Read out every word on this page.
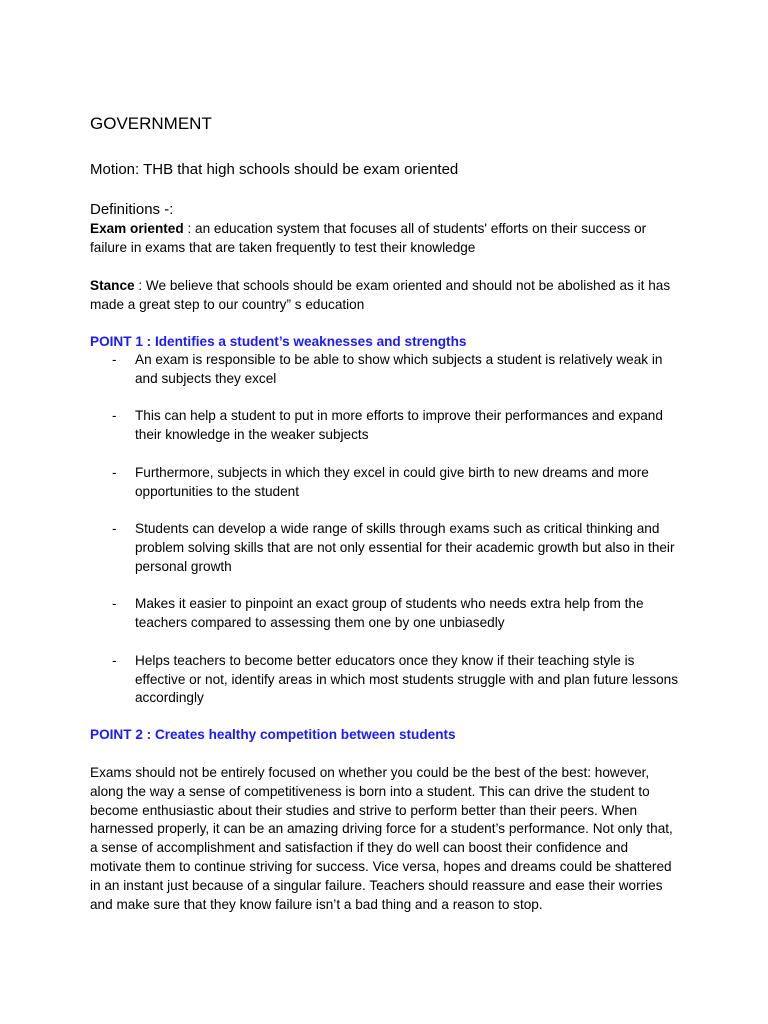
GOVERNMENT
Motion: THB that high schools should be exam oriented
Definitions -:
Exam oriented : an education system that focuses all of students' efforts on their success or failure in exams that are taken frequently to test their knowledge
Stance : We believe that schools should be exam oriented and should not be abolished as it has made a great step to our country” s education
POINT 1 : Identifies a student’s weaknesses and strengths
- An exam is responsible to be able to show which subjects a student is relatively weak in and subjects they excel
- This can help a student to put in more efforts to improve their performances and expand their knowledge in the weaker subjects
- Furthermore, subjects in which they excel in could give birth to new dreams and more opportunities to the student
- Students can develop a wide range of skills through exams such as critical thinking and problem solving skills that are not only essential for their academic growth but also in their personal growth
- Makes it easier to pinpoint an exact group of students who needs extra help from the teachers compared to assessing them one by one unbiasedly
- Helps teachers to become better educators once they know if their teaching style is effective or not, identify areas in which most students struggle with and plan future lessons accordingly
POINT 2 : Creates healthy competition between students
Exams should not be entirely focused on whether you could be the best of the best: however, along the way a sense of competitiveness is born into a student. This can drive the student to become enthusiastic about their studies and strive to perform better than their peers. When harnessed properly, it can be an amazing driving force for a student’s performance. Not only that, a sense of accomplishment and satisfaction if they do well can boost their confidence and motivate them to continue striving for success. Vice versa, hopes and dreams could be shattered in an instant just because of a singular failure. Teachers should reassure and ease their worries and make sure that they know failure isn’t a bad thing and a reason to stop.
